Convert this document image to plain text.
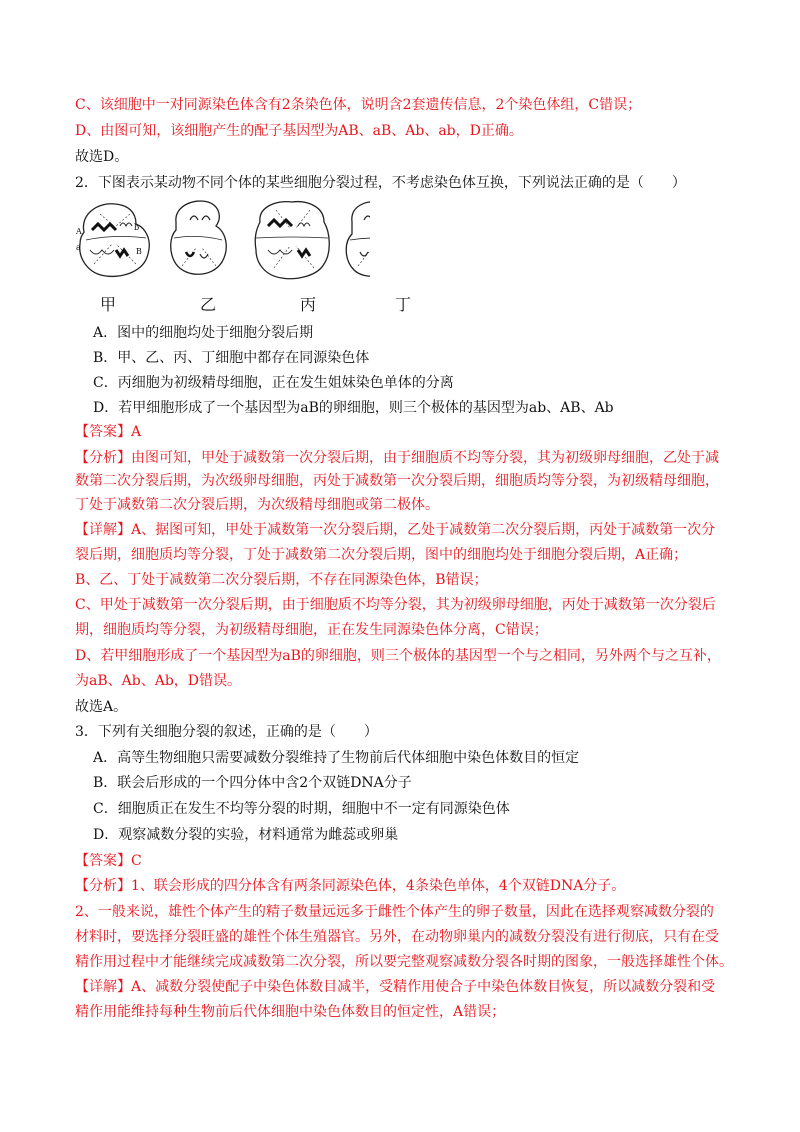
C、该细胞中一对同源染色体含有2条染色体，说明含2套遗传信息，2个染色体组，C错误；
D、由图可知，该细胞产生的配子基因型为AB、aB、Ab、ab，D正确。
故选D。
2．下图表示某动物不同个体的某些细胞分裂过程，不考虑染色体互换，下列说法正确的是（　　）
A
a
b
B
甲	乙	丙	丁
A．图中的细胞均处于细胞分裂后期
B．甲、乙、丙、丁细胞中都存在同源染色体
C．丙细胞为初级精母细胞，正在发生姐妹染色单体的分离
D．若甲细胞形成了一个基因型为aB的卵细胞，则三个极体的基因型为ab、AB、Ab
【答案】A
【分析】由图可知，甲处于减数第一次分裂后期，由于细胞质不均等分裂，其为初级卵母细胞，乙处于减
数第二次分裂后期，为次级卵母细胞，丙处于减数第一次分裂后期，细胞质均等分裂，为初级精母细胞，
丁处于减数第二次分裂后期，为次级精母细胞或第二极体。
【详解】A、据图可知，甲处于减数第一次分裂后期，乙处于减数第二次分裂后期，丙处于减数第一次分
裂后期，细胞质均等分裂，丁处于减数第二次分裂后期，图中的细胞均处于细胞分裂后期，A正确；
B、乙、丁处于减数第二次分裂后期，不存在同源染色体，B错误；
C、甲处于减数第一次分裂后期，由于细胞质不均等分裂，其为初级卵母细胞，丙处于减数第一次分裂后
期，细胞质均等分裂，为初级精母细胞，正在发生同源染色体分离，C错误；
D、若甲细胞形成了一个基因型为aB的卵细胞，则三个极体的基因型一个与之相同，另外两个与之互补，
为aB、Ab、Ab，D错误。
故选A。
3．下列有关细胞分裂的叙述，正确的是（　　）
A．高等生物细胞只需要减数分裂维持了生物前后代体细胞中染色体数目的恒定
B．联会后形成的一个四分体中含2个双链DNA分子
C．细胞质正在发生不均等分裂的时期，细胞中不一定有同源染色体
D．观察减数分裂的实验，材料通常为雌蕊或卵巢
【答案】C
【分析】1、联会形成的四分体含有两条同源染色体，4条染色单体，4个双链DNA分子。
2、一般来说，雄性个体产生的精子数量远远多于雌性个体产生的卵子数量，因此在选择观察减数分裂的
材料时，要选择分裂旺盛的雄性个体生殖器官。另外，在动物卵巢内的减数分裂没有进行彻底，只有在受
精作用过程中才能继续完成减数第二次分裂，所以要完整观察减数分裂各时期的图象，一般选择雄性个体。
【详解】A、减数分裂使配子中染色体数目减半，受精作用使合子中染色体数目恢复，所以减数分裂和受
精作用能维持每种生物前后代体细胞中染色体数目的恒定性，A错误；
